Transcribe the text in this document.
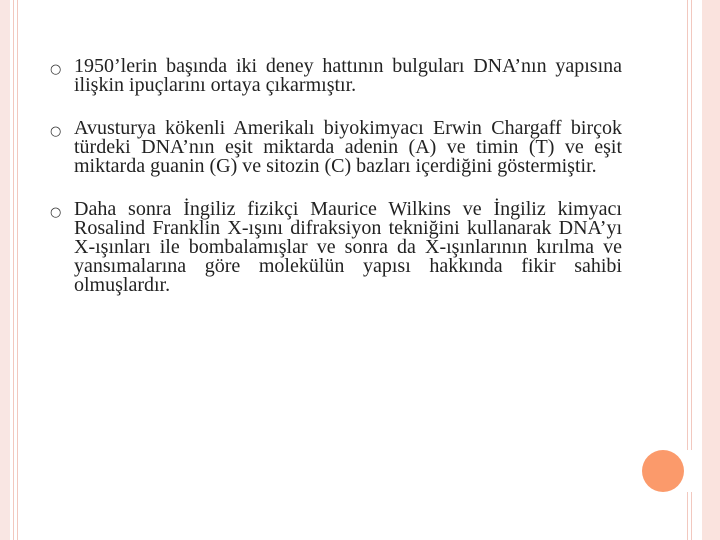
○ 1950’lerin başında iki deney hattının bulguları DNA’nın yapısına ilişkin ipuçlarını ortaya çıkarmıştır.
○ Avusturya kökenli Amerikalı biyokimyacı Erwin Chargaff birçok türdeki DNA’nın eşit miktarda adenin (A) ve timin (T) ve eşit miktarda guanin (G) ve sitozin (C) bazları içerdiğini göstermiştir.
○ Daha sonra İngiliz fizikçi Maurice Wilkins ve İngiliz kimyacı Rosalind Franklin X-ışını difraksiyon tekniğini kullanarak DNA’yı X-ışınları ile bombalamışlar ve sonra da X-ışınlarının kırılma ve yansımalarına göre molekülün yapısı hakkında fikir sahibi olmuşlardır.
